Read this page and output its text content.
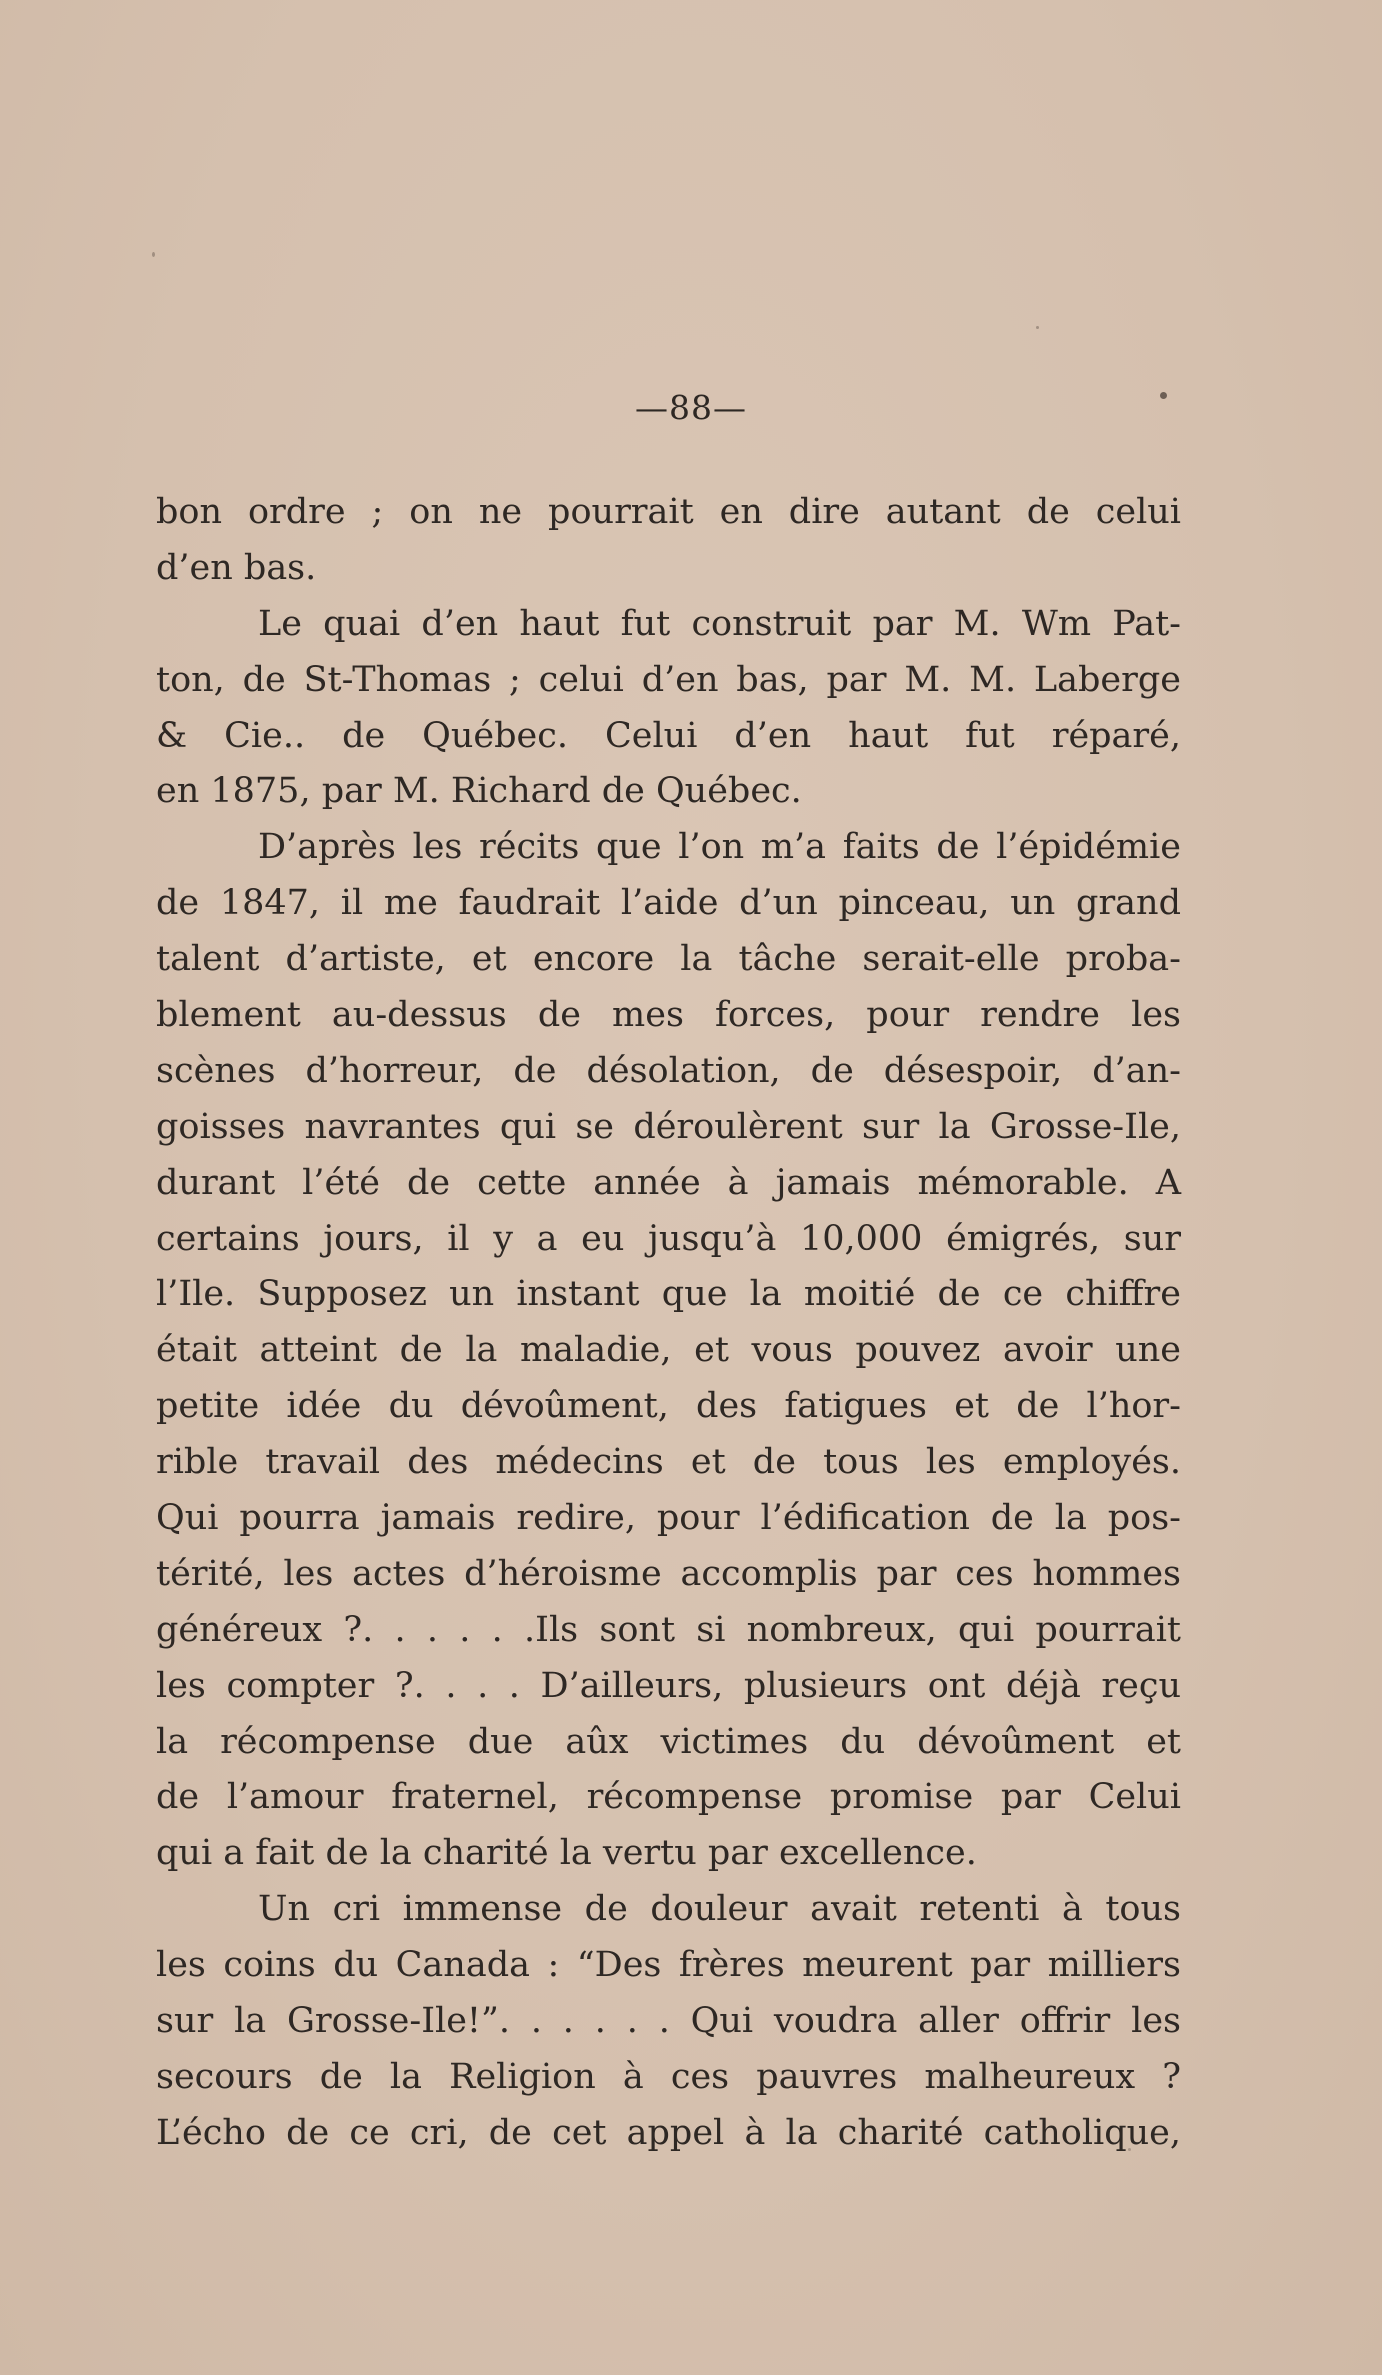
—88—
bon ordre ; on ne pourrait en dire autant de celui
d’en bas.
Le quai d’en haut fut construit par M. Wm Pat-
ton, de St-Thomas ; celui d’en bas, par M. M. Laberge
& Cie.. de Québec. Celui d’en haut fut réparé,
en 1875, par M. Richard de Québec.
D’après les récits que l’on m’a faits de l’épidémie
de 1847, il me faudrait l’aide d’un pinceau, un grand
talent d’artiste, et encore la tâche serait-elle proba-
blement au-dessus de mes forces, pour rendre les
scènes d’horreur, de désolation, de désespoir, d’an-
goisses navrantes qui se déroulèrent sur la Grosse-Ile,
durant l’été de cette année à jamais mémorable. A
certains jours, il y a eu jusqu’à 10,000 émigrés, sur
l’Ile. Supposez un instant que la moitié de ce chiffre
était atteint de la maladie, et vous pouvez avoir une
petite idée du dévoûment, des fatigues et de l’hor-
rible travail des médecins et de tous les employés.
Qui pourra jamais redire, pour l’édification de la pos-
térité, les actes d’héroisme accomplis par ces hommes
généreux ?. . . . . .Ils sont si nombreux, qui pourrait
les compter ?. . . . D’ailleurs, plusieurs ont déjà reçu
la récompense due aûx victimes du dévoûment et
de l’amour fraternel, récompense promise par Celui
qui a fait de la charité la vertu par excellence.
Un cri immense de douleur avait retenti à tous
les coins du Canada : “Des frères meurent par milliers
sur la Grosse-Ile!”. . . . . . Qui voudra aller offrir les
secours de la Religion à ces pauvres malheureux ?
L’écho de ce cri, de cet appel à la charité catholique,
